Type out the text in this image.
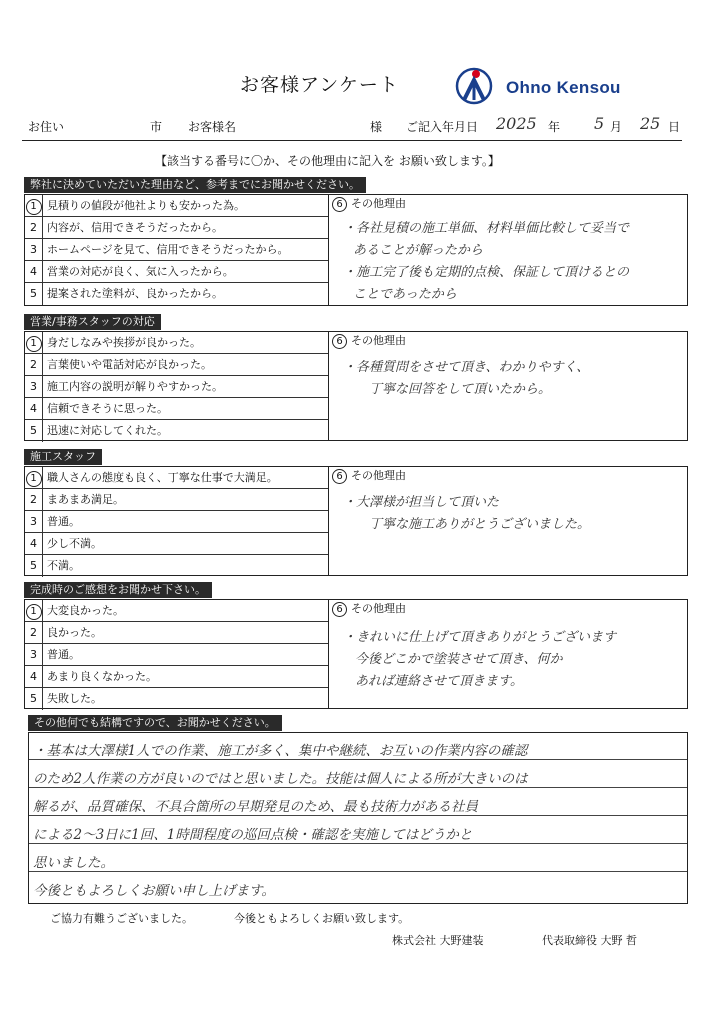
お客様アンケート	Ohno Kensou
お住い	市 お客様名	様 ご記入年月日 2025 年 5 月 25 日
【該当する番号に〇か、その他理由に記入を お願い致します。】
弊社に決めていただいた理由など、参考までにお聞かせください。
1 見積りの値段が他社よりも安かった為。
2 内容が、信用できそうだったから。
3 ホームページを見て、信用できそうだったから。
4 営業の対応が良く、気に入ったから。
5 提案された塗料が、良かったから。
6 その他理由
・各社見積の施工単価、材料単価比較して妥当で
あることが解ったから
・施工完了後も定期的点検、保証して頂けるとの
ことであったから
営業/事務スタッフの対応
1 身だしなみや挨拶が良かった。
2 言葉使いや電話対応が良かった。
3 施工内容の説明が解りやすかった。
4 信頼できそうに思った。
5 迅速に対応してくれた。
6 その他理由
・各種質問をさせて頂き、わかりやすく、
丁寧な回答をして頂いたから。
施工スタッフ
1 職人さんの態度も良く、丁寧な仕事で大満足。
2 まあまあ満足。
3 普通。
4 少し不満。
5 不満。
6 その他理由
・大澤様が担当して頂いた
丁寧な施工ありがとうございました。
完成時のご感想をお聞かせ下さい。
1 大変良かった。
2 良かった。
3 普通。
4 あまり良くなかった。
5 失敗した。
6 その他理由
・きれいに仕上げて頂きありがとうございます
今後どこかで塗装させて頂き、何か
あれば連絡させて頂きます。
その他何でも結構ですので、お聞かせください。
・基本は大澤様1人での作業、施工が多く、集中や継続、お互いの作業内容の確認
のため2人作業の方が良いのではと思いました。技能は個人による所が大きいのは
解るが、品質確保、不具合箇所の早期発見のため、最も技術力がある社員
による2〜3日に1回、1時間程度の巡回点検・確認を実施してはどうかと
思いました。
今後ともよろしくお願い申し上げます。
ご協力有難うございました。	今後ともよろしくお願い致します。
株式会社 大野建装	代表取締役 大野 哲
